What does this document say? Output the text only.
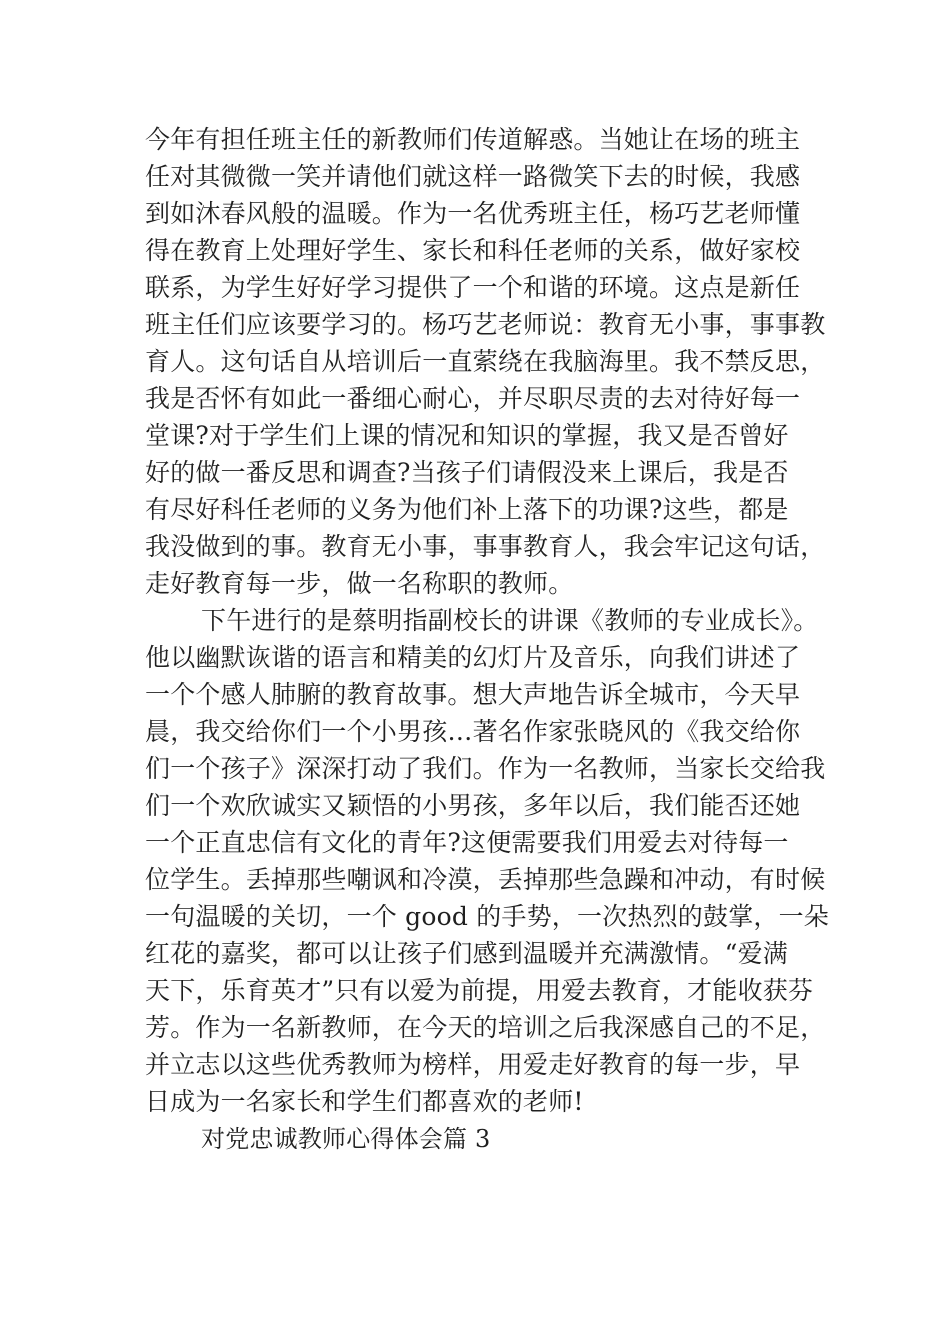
今年有担任班主任的新教师们传道解惑。当她让在场的班主
任对其微微一笑并请他们就这样一路微笑下去的时候，我感
到如沐春风般的温暖。作为一名优秀班主任，杨巧艺老师懂
得在教育上处理好学生、家长和科任老师的关系，做好家校
联系，为学生好好学习提供了一个和谐的环境。这点是新任
班主任们应该要学习的。杨巧艺老师说：教育无小事，事事教
育人。这句话自从培训后一直萦绕在我脑海里。我不禁反思，
我是否怀有如此一番细心耐心，并尽职尽责的去对待好每一
堂课?对于学生们上课的情况和知识的掌握，我又是否曾好
好的做一番反思和调查?当孩子们请假没来上课后，我是否
有尽好科任老师的义务为他们补上落下的功课?这些，都是
我没做到的事。教育无小事，事事教育人，我会牢记这句话，
走好教育每一步，做一名称职的教师。
下午进行的是蔡明指副校长的讲课《教师的专业成长》。
他以幽默诙谐的语言和精美的幻灯片及音乐，向我们讲述了
一个个感人肺腑的教育故事。想大声地告诉全城市，今天早
晨，我交给你们一个小男孩…著名作家张晓风的《我交给你
们一个孩子》深深打动了我们。作为一名教师，当家长交给我
们一个欢欣诚实又颖悟的小男孩，多年以后，我们能否还她
一个正直忠信有文化的青年?这便需要我们用爱去对待每一
位学生。丢掉那些嘲讽和冷漠，丢掉那些急躁和冲动，有时候
一句温暖的关切，一个 good 的手势，一次热烈的鼓掌，一朵
红花的嘉奖，都可以让孩子们感到温暖并充满激情。“爱满
天下，乐育英才”只有以爱为前提，用爱去教育，才能收获芬
芳。作为一名新教师，在今天的培训之后我深感自己的不足，
并立志以这些优秀教师为榜样，用爱走好教育的每一步，早
日成为一名家长和学生们都喜欢的老师!
对党忠诚教师心得体会篇 3
